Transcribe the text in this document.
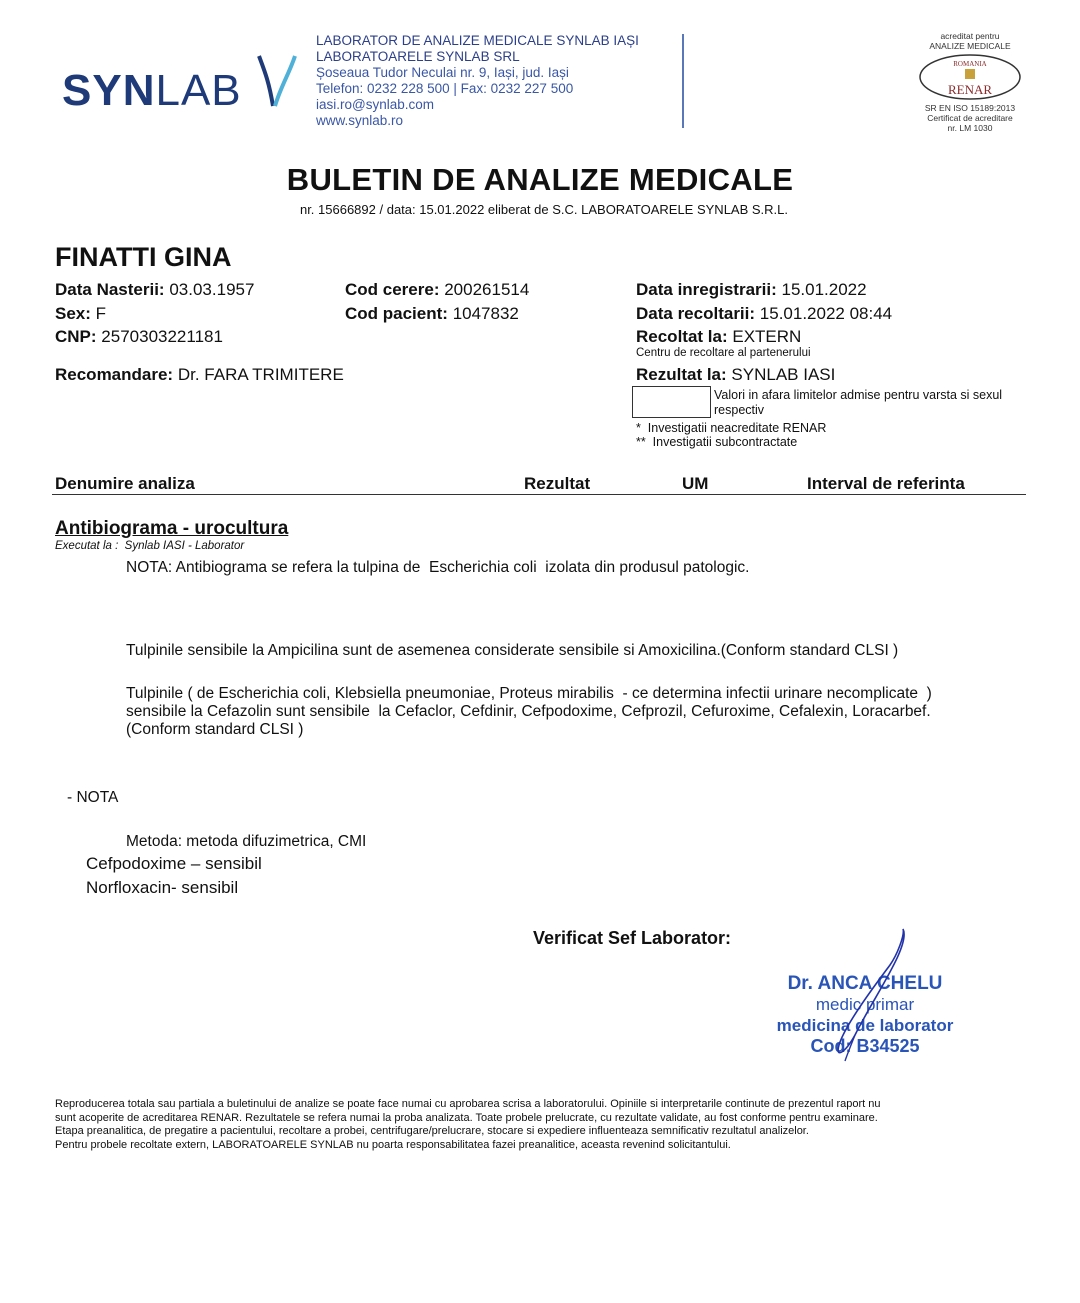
SYNLAB
LABORATOR DE ANALIZE MEDICALE SYNLAB IAȘI
LABORATOARELE SYNLAB SRL
Șoseaua Tudor Neculai nr. 9, Iași, jud. Iași
Telefon: 0232 228 500 | Fax: 0232 227 500
iasi.ro@synlab.com
www.synlab.ro
acreditat pentru
ANALIZE MEDICALE
ROMANIA
RENAR
SR EN ISO 15189:2013
Certificat de acreditare
nr. LM 1030
BULETIN DE ANALIZE MEDICALE
nr. 15666892 / data: 15.01.2022 eliberat de S.C. LABORATOARELE SYNLAB S.R.L.
FINATTI GINA
Data Nasterii: 03.03.1957
Sex: F
CNP: 2570303221181
Recomandare: Dr. FARA TRIMITERE
Cod cerere: 200261514
Cod pacient: 1047832
Data inregistrarii: 15.01.2022
Data recoltarii: 15.01.2022 08:44
Recoltat la: EXTERN
Centru de recoltare al partenerului
Rezultat la: SYNLAB IASI
Valori in afara limitelor admise pentru varsta si sexul
respectiv
*  Investigatii neacreditate RENAR
**  Investigatii subcontractate
Denumire analiza	Rezultat	UM	Interval de referinta
Antibiograma - urocultura
Executat la :  Synlab IASI - Laborator
NOTA: Antibiograma se refera la tulpina de  Escherichia coli  izolata din produsul patologic.
Tulpinile sensibile la Ampicilina sunt de asemenea considerate sensibile si Amoxicilina.(Conform standard CLSI )
Tulpinile ( de Escherichia coli, Klebsiella pneumoniae, Proteus mirabilis  - ce determina infectii urinare necomplicate  )
sensibile la Cefazolin sunt sensibile  la Cefaclor, Cefdinir, Cefpodoxime, Cefprozil, Cefuroxime, Cefalexin, Loracarbef.
(Conform standard CLSI )
- NOTA
Metoda: metoda difuzimetrica, CMI
Cefpodoxime – sensibil
Norfloxacin- sensibil
Verificat Sef Laborator:
Dr. ANCA CHELU
medic primar
medicina de laborator
Cod: B34525
Reproducerea totala sau partiala a buletinului de analize se poate face numai cu aprobarea scrisa a laboratorului. Opiniile si interpretarile continute de prezentul raport nu
sunt acoperite de acreditarea RENAR. Rezultatele se refera numai la proba analizata. Toate probele prelucrate, cu rezultate validate, au fost conforme pentru examinare.
Etapa preanalitica, de pregatire a pacientului, recoltare a probei, centrifugare/prelucrare, stocare si expediere influenteaza semnificativ rezultatul analizelor.
Pentru probele recoltate extern, LABORATOARELE SYNLAB nu poarta responsabilitatea fazei preanalitice, aceasta revenind solicitantului.
